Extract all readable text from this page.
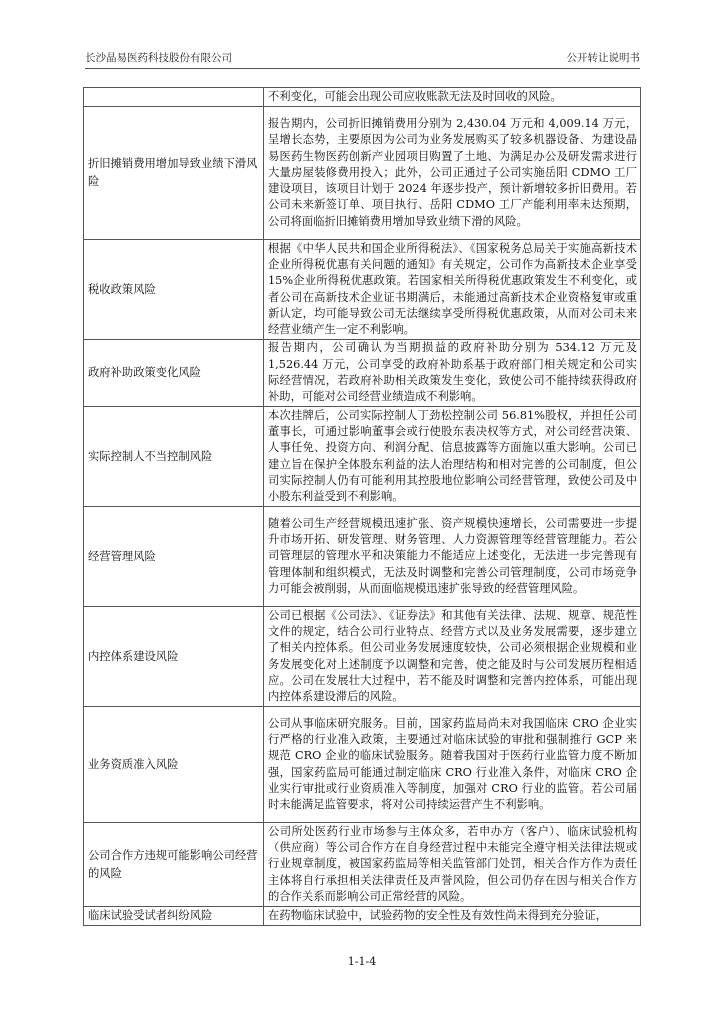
长沙晶易医药科技股份有限公司	公开转让说明书
	不利变化，可能会出现公司应收账款无法及时回收的风险。
折旧摊销费用增加导致业绩下滑风险	报告期内，公司折旧摊销费用分别为 2,430.04 万元和 4,009.14 万元，呈增长态势，主要原因为公司为业务发展购买了较多机器设备、为建设晶易医药生物医药创新产业园项目购置了土地、为满足办公及研发需求进行大量房屋装修费用投入；此外，公司正通过子公司实施岳阳 CDMO 工厂建设项目，该项目计划于 2024 年逐步投产，预计新增较多折旧费用。若公司未来新签订单、项目执行、岳阳 CDMO 工厂产能利用率未达预期，公司将面临折旧摊销费用增加导致业绩下滑的风险。
税收政策风险	根据《中华人民共和国企业所得税法》、《国家税务总局关于实施高新技术企业所得税优惠有关问题的通知》有关规定，公司作为高新技术企业享受 15%企业所得税优惠政策。若国家相关所得税优惠政策发生不利变化，或者公司在高新技术企业证书期满后，未能通过高新技术企业资格复审或重新认定，均可能导致公司无法继续享受所得税优惠政策，从而对公司未来经营业绩产生一定不利影响。
政府补助政策变化风险	报告期内，公司确认为当期损益的政府补助分别为 534.12 万元及 1,526.44 万元，公司享受的政府补助系基于政府部门相关规定和公司实际经营情况，若政府补助相关政策发生变化，致使公司不能持续获得政府补助，可能对公司经营业绩造成不利影响。
实际控制人不当控制风险	本次挂牌后，公司实际控制人丁劲松控制公司 56.81%股权，并担任公司董事长，可通过影响董事会或行使股东表决权等方式，对公司经营决策、人事任免、投资方向、利润分配、信息披露等方面施以重大影响。公司已建立旨在保护全体股东利益的法人治理结构和相对完善的公司制度，但公司实际控制人仍有可能利用其控股地位影响公司经营管理，致使公司及中小股东利益受到不利影响。
经营管理风险	随着公司生产经营规模迅速扩张、资产规模快速增长，公司需要进一步提升市场开拓、研发管理、财务管理、人力资源管理等经营管理能力。若公司管理层的管理水平和决策能力不能适应上述变化，无法进一步完善现有管理体制和组织模式，无法及时调整和完善公司管理制度，公司市场竞争力可能会被削弱，从而面临规模迅速扩张导致的经营管理风险。
内控体系建设风险	公司已根据《公司法》、《证券法》和其他有关法律、法规、规章、规范性文件的规定，结合公司行业特点、经营方式以及业务发展需要，逐步建立了相关内控体系。但公司业务发展速度较快，公司必须根据企业规模和业务发展变化对上述制度予以调整和完善，使之能及时与公司发展历程相适应。公司在发展壮大过程中，若不能及时调整和完善内控体系，可能出现内控体系建设滞后的风险。
业务资质准入风险	公司从事临床研究服务。目前，国家药监局尚未对我国临床 CRO 企业实行严格的行业准入政策，主要通过对临床试验的审批和强制推行 GCP 来规范 CRO 企业的临床试验服务。随着我国对于医药行业监管力度不断加强，国家药监局可能通过制定临床 CRO 行业准入条件，对临床 CRO 企业实行审批或行业资质准入等制度，加强对 CRO 行业的监管。若公司届时未能满足监管要求，将对公司持续运营产生不利影响。
公司合作方违规可能影响公司经营的风险	公司所处医药行业市场参与主体众多，若申办方（客户）、临床试验机构（供应商）等公司合作方在自身经营过程中未能完全遵守相关法律法规或行业规章制度，被国家药监局等相关监管部门处罚，相关合作方作为责任主体将自行承担相关法律责任及声誉风险，但公司仍存在因与相关合作方的合作关系而影响公司正常经营的风险。
临床试验受试者纠纷风险	在药物临床试验中，试验药物的安全性及有效性尚未得到充分验证，
1-1-4
